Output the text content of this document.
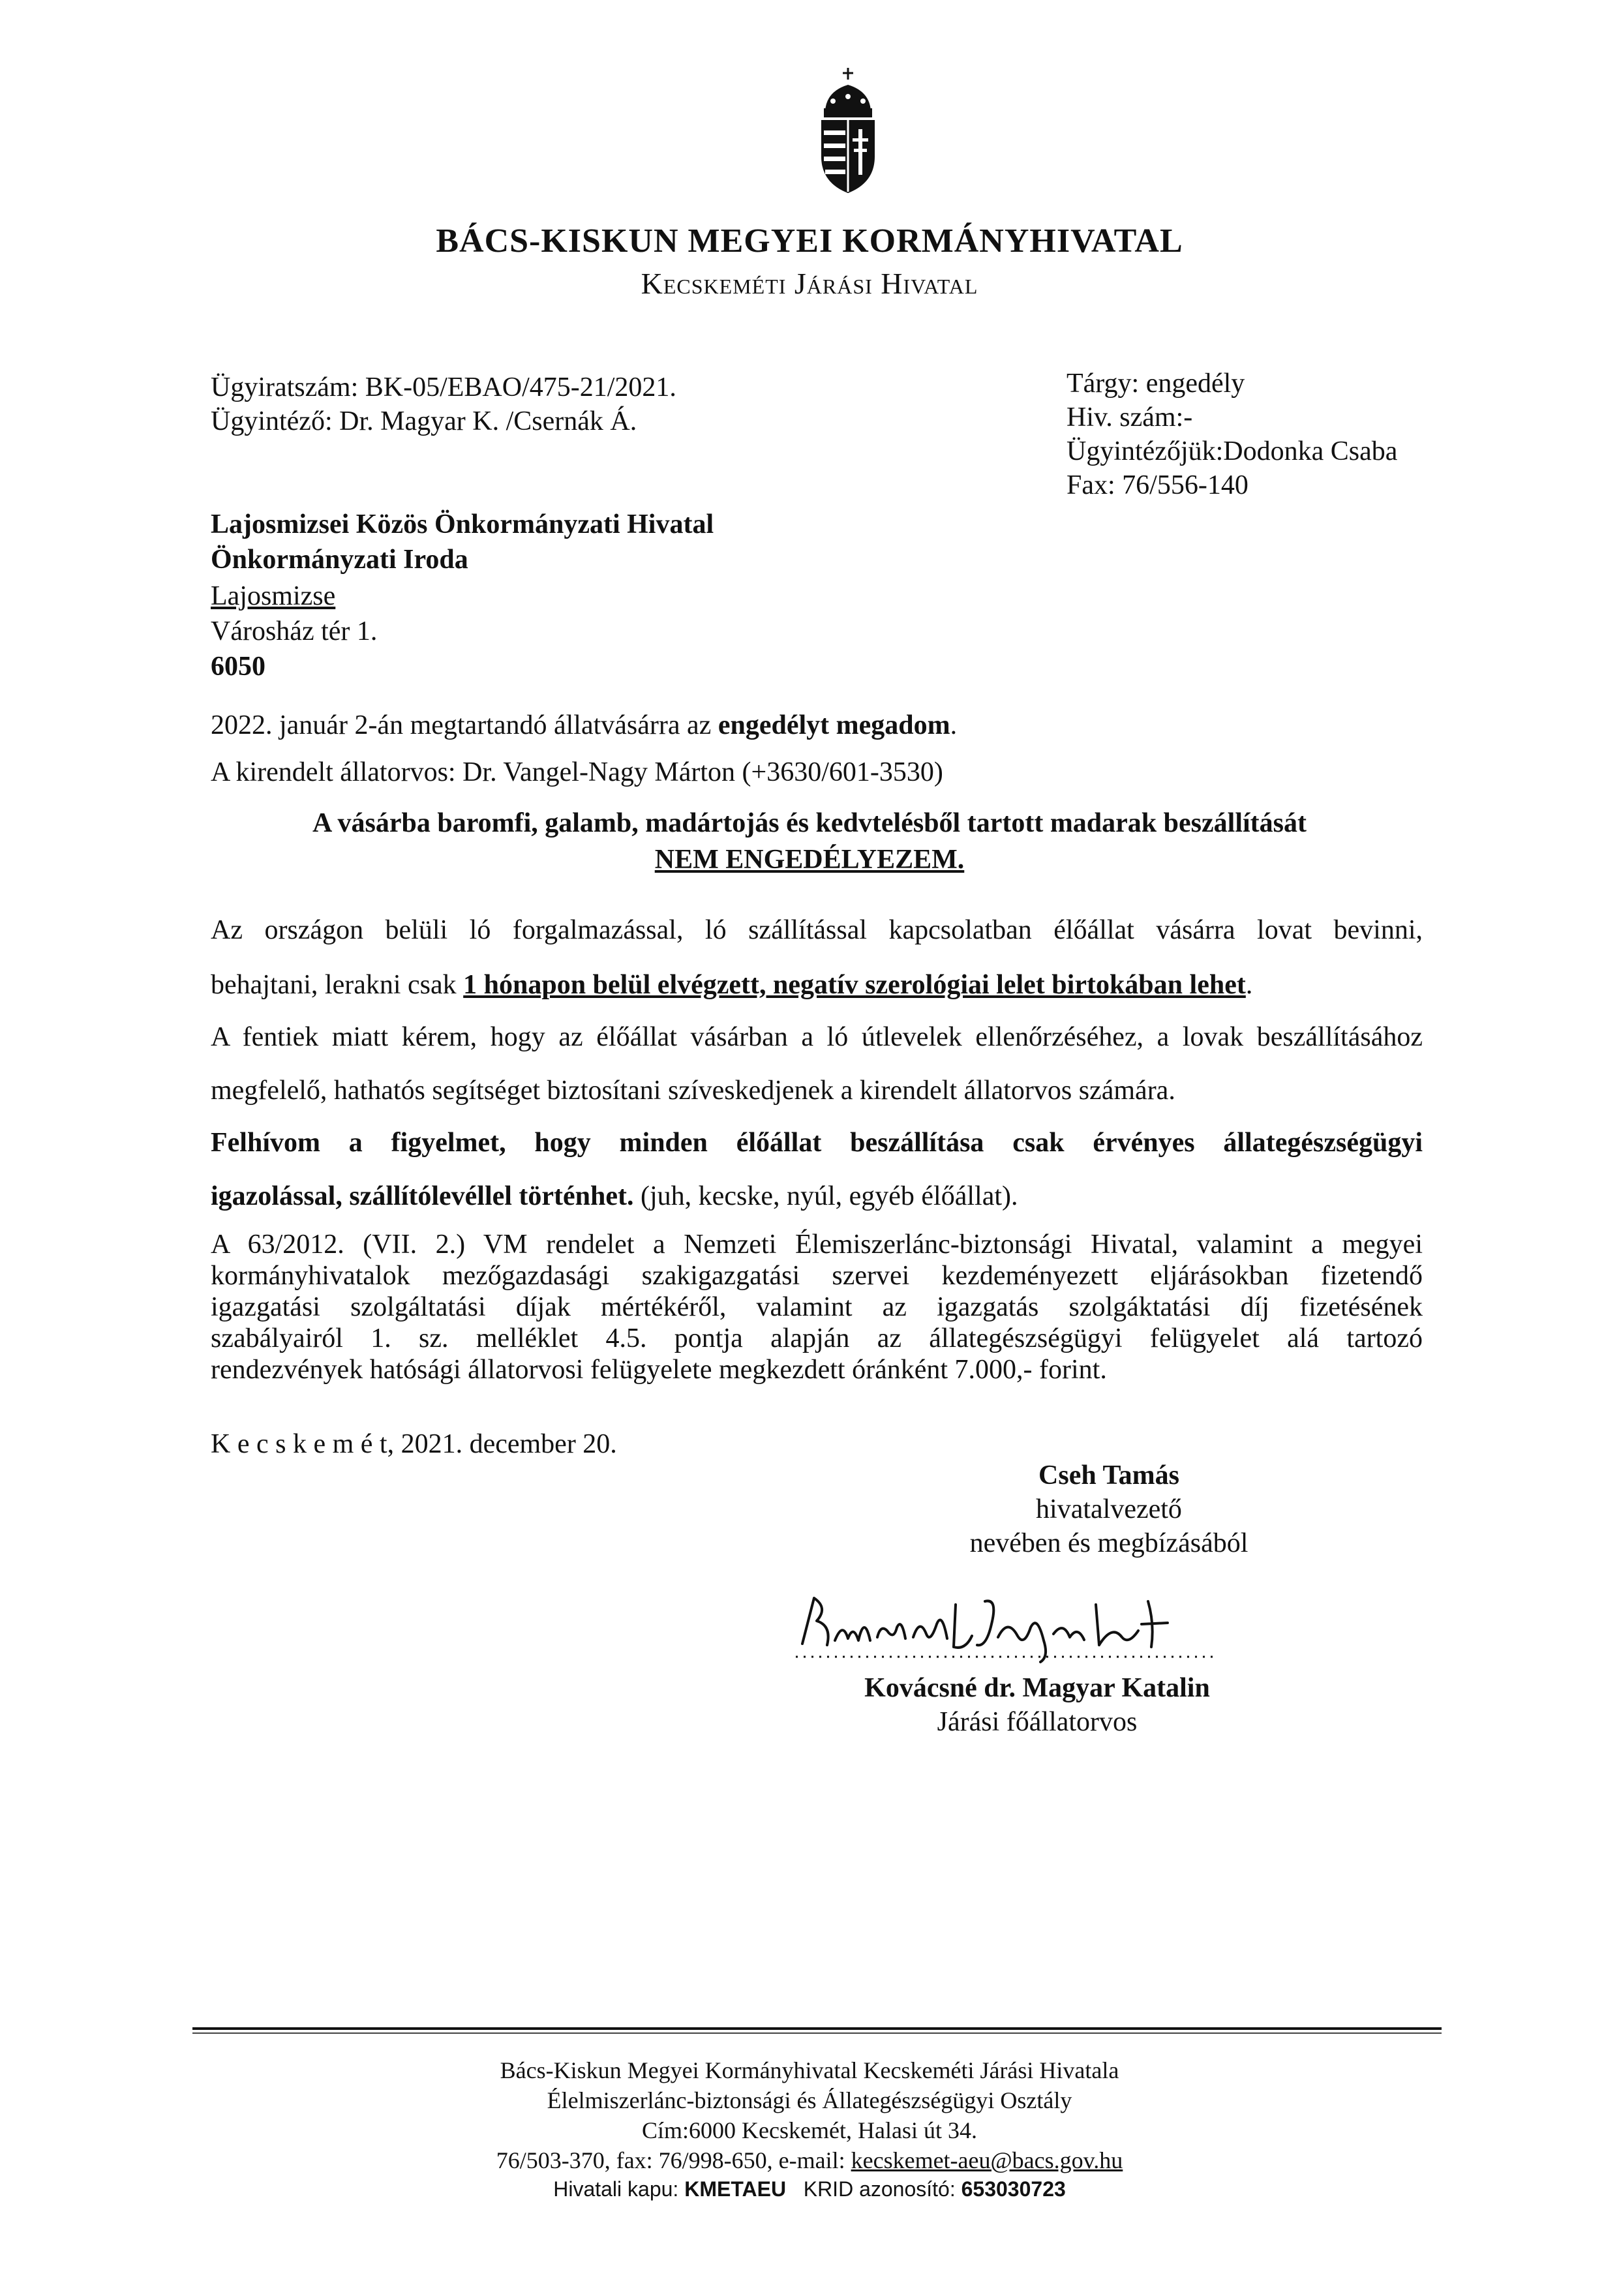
BÁCS-KISKUN MEGYEI KORMÁNYHIVATAL
Kecskeméti Járási Hivatal
Ügyiratszám: BK-05/EBAO/475-21/2021.
Ügyintéző: Dr. Magyar K. /Csernák Á.
Tárgy: engedély
Hiv. szám:-
Ügyintézőjük:Dodonka Csaba
Fax: 76/556-140
Lajosmizsei Közös Önkormányzati Hivatal
Önkormányzati Iroda
Lajosmizse
Városház tér 1.
6050
2022. január 2-án megtartandó állatvásárra az engedélyt megadom.
A kirendelt állatorvos: Dr. Vangel-Nagy Márton (+3630/601-3530)
A vásárba baromfi, galamb, madártojás és kedvtelésből tartott madarak beszállítását
NEM ENGEDÉLYEZEM.
Az országon belüli ló forgalmazással, ló szállítással kapcsolatban élőállat vásárra lovat bevinni,
behajtani, lerakni csak 1 hónapon belül elvégzett, negatív szerológiai lelet birtokában lehet.
A fentiek miatt kérem, hogy az élőállat vásárban a ló útlevelek ellenőrzéséhez, a lovak beszállításához
megfelelő, hathatós segítséget biztosítani szíveskedjenek a kirendelt állatorvos számára.
Felhívom a figyelmet, hogy minden élőállat beszállítása csak érvényes állategészségügyi
igazolással, szállítólevéllel történhet. (juh, kecske, nyúl, egyéb élőállat).
A 63/2012. (VII. 2.) VM rendelet a Nemzeti Élemiszerlánc-biztonsági Hivatal, valamint a megyei
kormányhivatalok mezőgazdasági szakigazgatási szervei kezdeményezett eljárásokban fizetendő
igazgatási szolgáltatási díjak mértékéről, valamint az igazgatás szolgáktatási díj fizetésének
szabályairól 1. sz. melléklet 4.5. pontja alapján az állategészségügyi felügyelet alá tartozó
rendezvények hatósági állatorvosi felügyelete megkezdett óránként 7.000,- forint.
K e c s k e m é t, 2021. december 20.
Cseh Tamás
hivatalvezető
nevében és megbízásából
Kovácsné dr. Magyar Katalin
Járási főállatorvos
Bács-Kiskun Megyei Kormányhivatal Kecskeméti Járási Hivatala
Élelmiszerlánc-biztonsági és Állategészségügyi Osztály
Cím:6000 Kecskemét, Halasi út 34.
76/503-370, fax: 76/998-650, e-mail: kecskemet-aeu@bacs.gov.hu
Hivatali kapu: KMETAEU   KRID azonosító: 653030723
